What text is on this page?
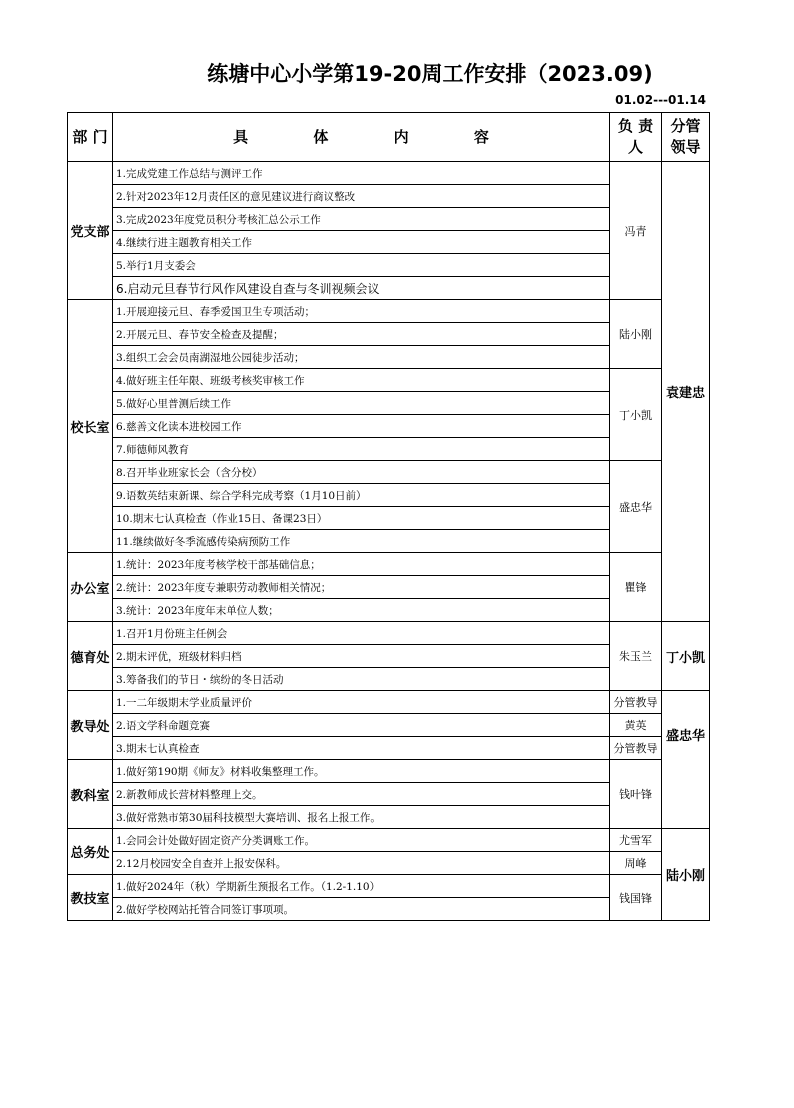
练塘中心小学第19-20周工作安排（2023.09)
01.02---01.14
部 门	具 体 内 容	负 责人	分管领导
党支部	1.完成党建工作总结与测评工作	冯青	袁建忠
	2.针对2023年12月责任区的意见建议进行商议整改		
	3.完成2023年度党员积分考核汇总公示工作		
	4.继续行进主题教育相关工作		
	5.举行1月支委会		
	6.启动元旦春节行风作风建设自查与冬训视频会议		
校长室	1.开展迎接元旦、春季爱国卫生专项活动；	陆小刚	
	2.开展元旦、春节安全检查及提醒；		
	3.组织工会会员南湖湿地公园徒步活动；		
	4.做好班主任年限、班级考核奖审核工作	丁小凯	
	5.做好心里普测后续工作		
	6.慈善文化读本进校园工作		
	7.师德师风教育		
	8.召开毕业班家长会（含分校）	盛忠华	
	9.语数英结束新课、综合学科完成考察（1月10日前）		
	10.期末七认真检查（作业15日、备课23日）		
	11.继续做好冬季流感传染病预防工作		
办公室	1.统计：2023年度考核学校干部基础信息；	瞿锋	
	2.统计：2023年度专兼职劳动教师相关情况；		
	3.统计：2023年度年末单位人数；		
德育处	1.召开1月份班主任例会	朱玉兰	丁小凯
	2.期末评优，班级材料归档		
	3.筹备我们的节日・缤纷的冬日活动		
教导处	1.一二年级期末学业质量评价	分管教导	盛忠华
	2.语文学科命题竞赛	黄英	
	3.期末七认真检查	分管教导	
教科室	1.做好第190期《师友》材料收集整理工作。	钱叶锋	
	2.新教师成长营材料整理上交。		
	3.做好常熟市第30届科技模型大赛培训、报名上报工作。		
总务处	1.会同会计处做好固定资产分类调账工作。	尤雪军	陆小刚
	2.12月校园安全自查并上报安保科。	周峰	
教技室	1.做好2024年（秋）学期新生预报名工作。（1.2-1.10）	钱国锋	
	2.做好学校网站托管合同签订事项项。		
